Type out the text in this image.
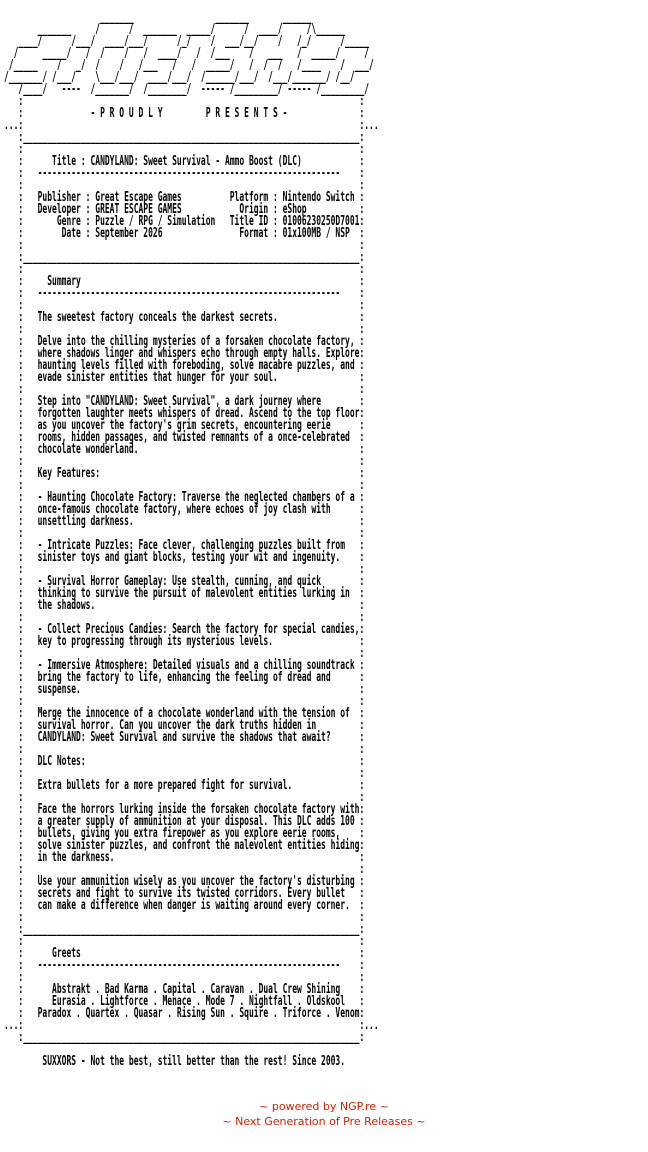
_______                 _______       ______
_______     /      /  _______  _____/      /  ____/     /\______
____/      /___/  ____/___/      /_/    /  ___/__/    /   /_/      /_____
/     _____/   /  /    /   /  ____/   /  /___    /   ___   /  _____/     /
/_____    /   _/  /    /   /___   /   /  _____/   /  /  /   /____    /  ___/
/_______/ /___/    \___/___/  ____/___/  /______/___/  /___/_______/ /__/
/____/   ----  /_______/  /________/  ----- /_________/ ----- /_________/
:                                                                      :
:              - P R O U D L Y         P R E S E N T S -               :
...:                                                                      :...
:______________________________________________________________________:
:                                                                      :
:      Title : CANDYLAND: Sweet Survival - Ammo Boost (DLC)            :
:   ---------------------------------------------------------------    :
:                                                                      :
:   Publisher : Great Escape Games          Platform : Nintendo Switch :
:   Developer : GREAT ESCAPE GAMES            Origin : eShop           :
:       Genre : Puzzle / RPG / Simulation   Title ID : 01006230250D7001:
:        Date : September 2026                Format : 01x100MB / NSP  :
:                                                                      :
:______________________________________________________________________:
:                                                                      :
:     Summary                                                          :
:   ---------------------------------------------------------------    :
:                                                                      :
:   The sweetest factory conceals the darkest secrets.                 :
:                                                                      :
:   Delve into the chilling mysteries of a forsaken chocolate factory, :
:   where shadows linger and whispers echo through empty halls. Explore:
:   haunting levels filled with foreboding, solve macabre puzzles, and :
:   evade sinister entities that hunger for your soul.                 :
:                                                                      :
:   Step into "CANDYLAND: Sweet Survival", a dark journey where        :
:   forgotten laughter meets whispers of dread. Ascend to the top floor:
:   as you uncover the factory's grim secrets, encountering eerie      :
:   rooms, hidden passages, and twisted remnants of a once-celebrated  :
:   chocolate wonderland.                                              :
:                                                                      :
:   Key Features:                                                      :
:                                                                      :
:   - Haunting Chocolate Factory: Traverse the neglected chambers of a :
:   once-famous chocolate factory, where echoes of joy clash with      :
:   unsettling darkness.                                               :
:                                                                      :
:   - Intricate Puzzles: Face clever, challenging puzzles built from   :
:   sinister toys and giant blocks, testing your wit and ingenuity.    :
:                                                                      :
:   - Survival Horror Gameplay: Use stealth, cunning, and quick        :
:   thinking to survive the pursuit of malevolent entities lurking in  :
:   the shadows.                                                       :
:                                                                      :
:   - Collect Precious Candies: Search the factory for special candies,:
:   key to progressing through its mysterious levels.                  :
:                                                                      :
:   - Immersive Atmosphere: Detailed visuals and a chilling soundtrack :
:   bring the factory to life, enhancing the feeling of dread and      :
:   suspense.                                                          :
:                                                                      :
:   Merge the innocence of a chocolate wonderland with the tension of  :
:   survival horror. Can you uncover the dark truths hidden in         :
:   CANDYLAND: Sweet Survival and survive the shadows that await?      :
:                                                                      :
:   DLC Notes:                                                         :
:                                                                      :
:   Extra bullets for a more prepared fight for survival.              :
:                                                                      :
:   Face the horrors lurking inside the forsaken chocolate factory with:
:   a greater supply of ammunition at your disposal. This DLC adds 100 :
:   bullets, giving you extra firepower as you explore eerie rooms,    :
:   solve sinister puzzles, and confront the malevolent entities hiding:
:   in the darkness.                                                   :
:                                                                      :
:   Use your ammunition wisely as you uncover the factory's disturbing :
:   secrets and fight to survive its twisted corridors. Every bullet   :
:   can make a difference when danger is waiting around every corner.  :
:                                                                      :
:______________________________________________________________________:
:                                                                      :
:      Greets                                                          :
:   ---------------------------------------------------------------    :
:                                                                      :
:      Abstrakt . Bad Karma . Capital . Caravan . Dual Crew Shining    :
:      Eurasia . Lightforce . Menace . Mode 7 . Nightfall . Oldskool   :
:   Paradox . Quartex . Quasar . Rising Sun . Squire . Triforce . Venom:
...:                                                                      :...
:______________________________________________________________________:

SUXXORS - Not the best, still better than the rest! Since 2003.
~ powered by NGP.re ~
~ Next Generation of Pre Releases ~
